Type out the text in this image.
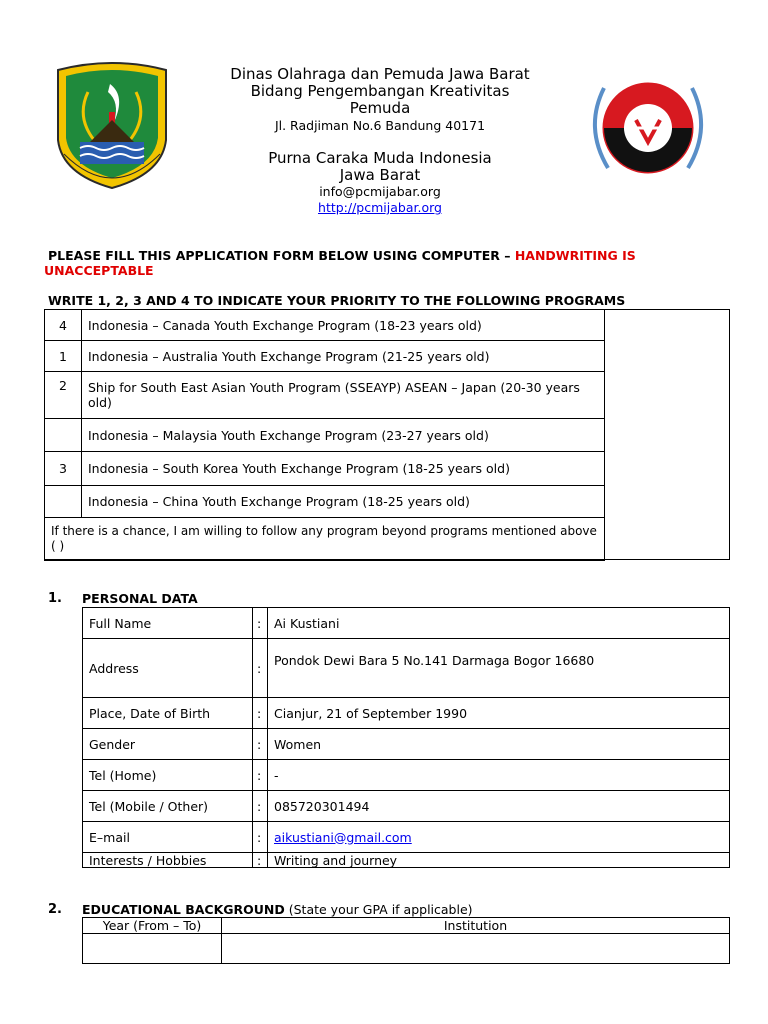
Dinas Olahraga dan Pemuda Jawa Barat
Bidang Pengembangan Kreativitas
Pemuda
Jl. Radjiman No.6 Bandung 40171
Purna Caraka Muda Indonesia
Jawa Barat
info@pcmijabar.org
http://pcmijabar.org
PLEASE FILL THIS APPLICATION FORM BELOW USING COMPUTER – HANDWRITING IS
UNACCEPTABLE
WRITE 1, 2, 3 AND 4 TO INDICATE YOUR PRIORITY TO THE FOLLOWING PROGRAMS
4	Indonesia – Canada Youth Exchange Program (18-23 years old)
1	Indonesia – Australia Youth Exchange Program (21-25 years old)
2	Ship for South East Asian Youth Program (SSEAYP) ASEAN – Japan (20-30 years old)
	Indonesia – Malaysia Youth Exchange Program (23-27 years old)
3	Indonesia – South Korea Youth Exchange Program (18-25 years old)
	Indonesia – China Youth Exchange Program (18-25 years old)
If there is a chance, I am willing to follow any program beyond programs mentioned above ( )	
1. PERSONAL DATA
Full Name	:	Ai Kustiani
Address	:	Pondok Dewi Bara 5 No.141 Darmaga Bogor 16680
Place, Date of Birth	:	Cianjur, 21 of September 1990
Gender	:	Women
Tel (Home)	:	-
Tel (Mobile / Other)	:	085720301494
E–mail	:	aikustiani@gmail.com
Interests / Hobbies	:	Writing and journey
2. EDUCATIONAL BACKGROUND (State your GPA if applicable)
Year (From – To)	Institution
